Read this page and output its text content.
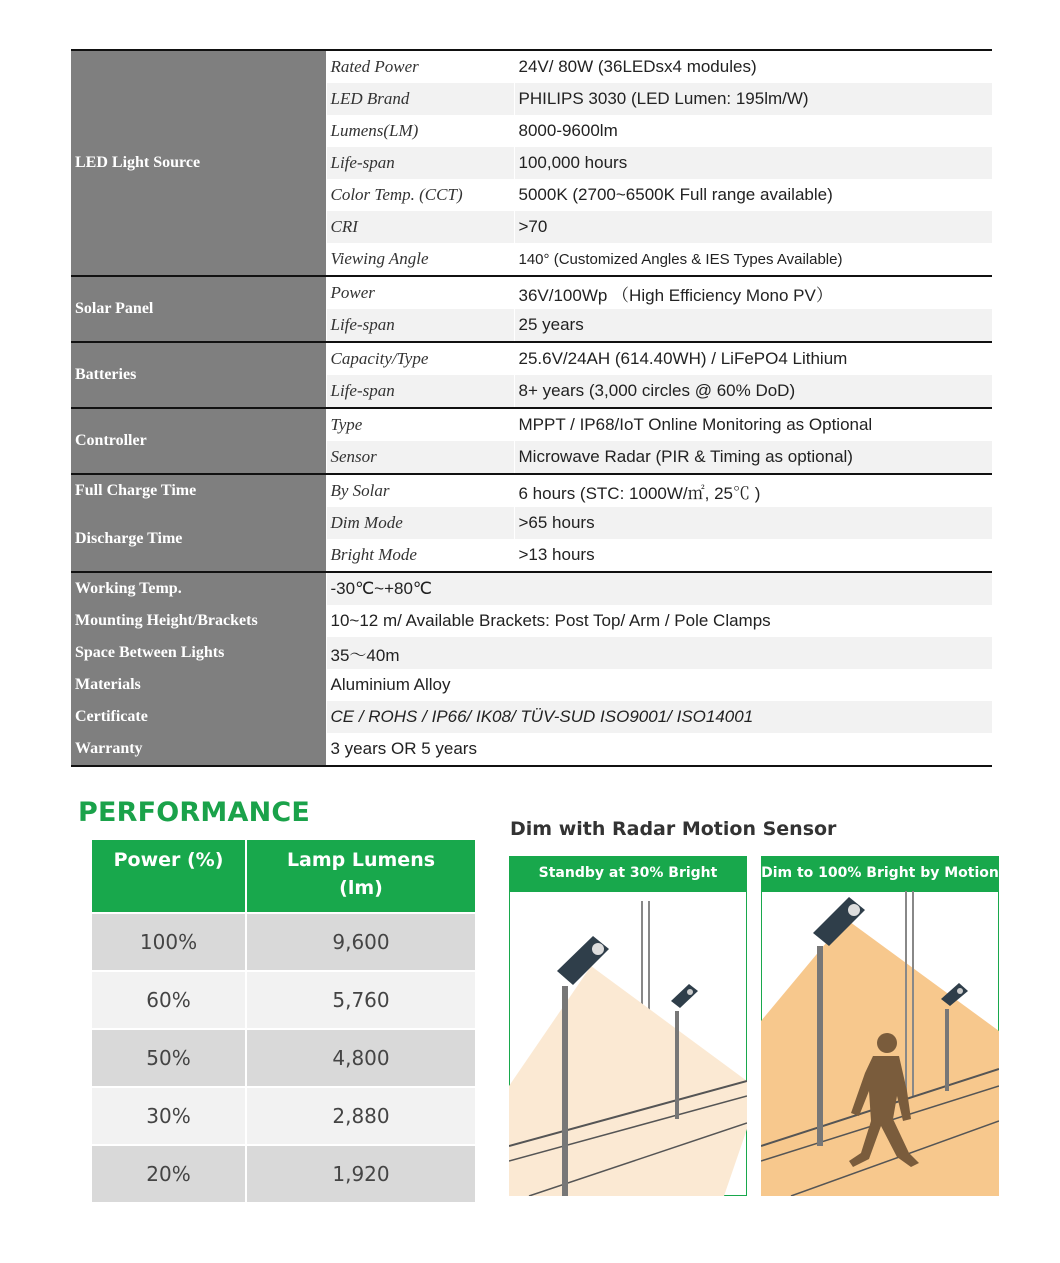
LED Light Source	Rated Power	24V/ 80W (36LEDsx4 modules)
	LED Brand	PHILIPS 3030 (LED Lumen: 195lm/W)
	Lumens(LM)	8000-9600lm
	Life-span	100,000 hours
	Color Temp. (CCT)	5000K (2700~6500K Full range available)
	CRI	>70
	Viewing Angle	140° (Customized Angles & IES Types Available)
Solar Panel	Power	36V/100Wp （High Efficiency Mono PV）
	Life-span	25 years
Batteries	Capacity/Type	25.6V/24AH (614.40WH) / LiFePO4 Lithium
	Life-span	8+ years (3,000 circles @ 60% DoD)
Controller	Type	MPPT / IP68/IoT Online Monitoring as Optional
	Sensor	Microwave Radar (PIR & Timing as optional)
Full Charge Time	By Solar	6 hours (STC: 1000W/㎡, 25℃ )
Discharge Time	Dim Mode	>65 hours
	Bright Mode	>13 hours
Working Temp.	-30℃~+80℃	
Mounting Height/Brackets	10~12 m/ Available Brackets: Post Top/ Arm / Pole Clamps	
Space Between Lights	35～40m	
Materials	Aluminium Alloy	
Certificate	CE / ROHS / IP66/ IK08/ TÜV-SUD ISO9001/ ISO14001	
Warranty	3 years OR 5 years	
PERFORMANCE
Power (%)	Lamp Lumens
(lm)

100%	9,600
60%	5,760
50%	4,800
30%	2,880
20%	1,920
Dim with Radar Motion Sensor
Standby at 30% Bright	Dim to 100% Bright by Motion
